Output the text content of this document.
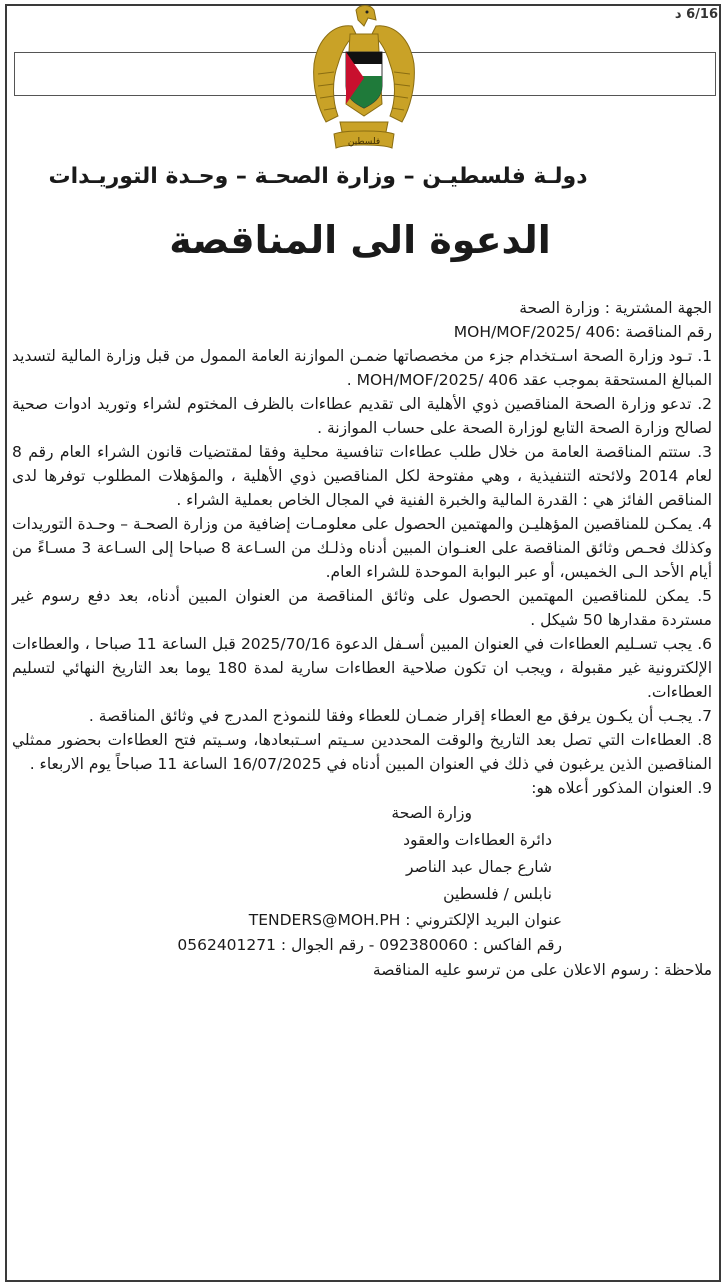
6/16 د
فلسطين
دولـة فلسطيـن – وزارة الصحـة – وحـدة التوريـدات
الدعوة الى المناقصة

الجهة المشترية : وزارة الصحة

رقم المناقصة :406 /MOH/MOF/2025

1. تـود وزارة الصحة اسـتخدام جزء من مخصصاتها ضمـن الموازنة العامة الممول من قبل وزارة المالية لتسديد المبالغ المستحقة بموجب عقد 406 /MOH/MOF/2025 .

2. تدعو وزارة الصحة المناقصين ذوي الأهلية الى تقديم عطاءات بالظرف المختوم لشراء وتوريد ادوات صحية لصالح وزارة الصحة التابع لوزارة الصحة على حساب الموازنة .

3. ستتم المناقصة العامة من خلال طلب عطاءات تنافسية محلية وفقا لمقتضيات قانون الشراء العام رقم 8 لعام 2014 ولائحته التنفيذية ، وهي مفتوحة لكل المناقصين ذوي الأهلية ، والمؤهلات المطلوب توفرها لدى المناقص الفائز هي : القدرة المالية والخبرة الفنية في المجال الخاص بعملية الشراء .

4. يمكـن للمناقصين المؤهليـن والمهتمين الحصول على معلومـات إضافية من وزارة الصحـة – وحـدة التوريدات وكذلك فحـص وثائق المناقصة على العنـوان المبين أدناه وذلـك من السـاعة 8 صباحا إلى السـاعة 3 مسـاءً من أيام الأحد الـى الخميس، أو عبر البوابة الموحدة للشراء العام.

5. يمكن للمناقصين المهتمين الحصول على وثائق المناقصة من العنوان المبين أدناه، بعد دفع رسوم غير مستردة مقدارها 50 شيكل .

6. يجب تسـليم العطاءات في العنوان المبين أسـفل الدعوة 2025/70/16 قبل الساعة 11 صباحا ، والعطاءات الإلكترونية غير مقبولة ، ويجب ان تكون صلاحية العطاءات سارية لمدة 180 يوما بعد التاريخ النهائي لتسليم العطاءات.

7. يجـب أن يكـون يرفق مع العطاء إقرار ضمـان للعطاء وفقا للنموذج المدرج في وثائق المناقصة .

8. العطاءات التي تصل بعد التاريخ والوقت المحددين سـيتم اسـتبعادها، وسـيتم فتح العطاءات بحضور ممثلي المناقصين الذين يرغبون في ذلك في العنوان المبين أدناه في 16/07/2025 الساعة 11 صباحاً يوم الاربعاء .

9. العنوان المذكور أعلاه هو:

وزارة الصحة
دائرة العطاءات والعقود
شارع جمال عبد الناصر
نابلس / فلسطين
عنوان البريد الإلكتروني : TENDERS@MOH.PH
رقم الفاكس : 092380060 - رقم الجوال : 0562401271
ملاحظة : رسوم الاعلان على من ترسو عليه المناقصة
